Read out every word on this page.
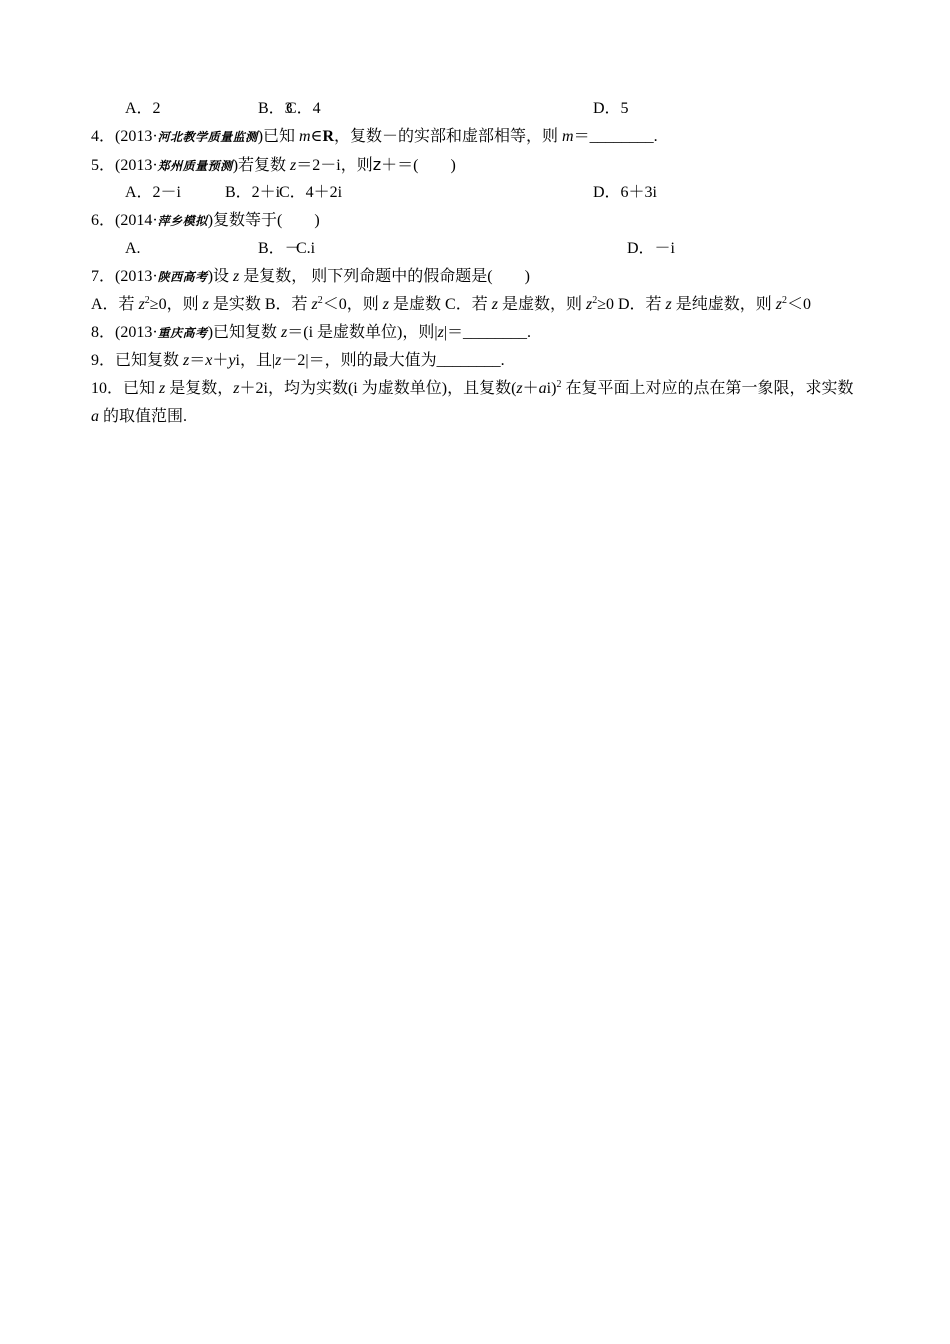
A．2	B．3
C．4	D．5
4．(2013·河北教学质量监测)已知 m∈R，复数－的实部和虚部相等，则 m＝________.
5．(2013·郑州质量预测)若复数 z＝2－i，则z＋＝(　　)
A．2－i	B．2＋i
C．4＋2i	D．6＋3i
6．(2014·萍乡模拟)复数等于(　　)
A.	B．－
C.i	D．－i
7．(2013·陕西高考)设 z 是复数， 则下列命题中的假命题是(　　)
A．若 $z^2\ge 0$，则 z 是实数 B．若 $z^2<0$，则 z 是虚数 C．若 z 是虚数，则 $z^2\ge 0$ D．若 z 是纯虚数，则 $z^2<0$
8．(2013·重庆高考)已知复数 z＝(i 是虚数单位)，则|z|＝________.
9．已知复数 z＝x＋yi，且|z－2|＝，则的最大值为________.
10．已知 z 是复数，z＋2i，均为实数(i 为虚数单位)，且复数$(z+ai)^2$ 在复平面上对应的点在第一象限，求实数
a 的取值范围.
